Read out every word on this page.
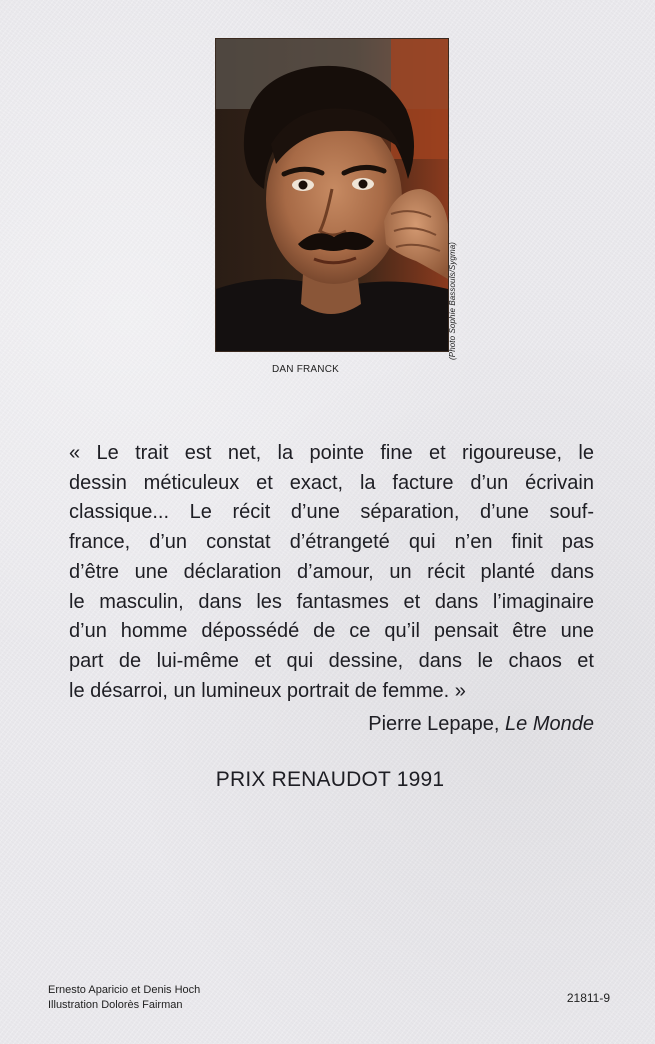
(Photo Sophie Bassouls/Sygma)
DAN FRANCK

« Le trait est net, la pointe fine et rigoureuse, le
dessin méticuleux et exact, la facture d’un écrivain
classique... Le récit d’une séparation, d’une souf-
france, d’un constat d’étrangeté qui n’en finit pas
d’être une déclaration d’amour, un récit planté dans
le masculin, dans les fantasmes et dans l’imaginaire
d’un homme dépossédé de ce qu’il pensait être une
part de lui-même et qui dessine, dans le chaos et
le désarroi, un lumineux portrait de femme. »

Pierre Lepape, Le Monde
PRIX RENAUDOT 1991
Ernesto Aparicio et Denis Hoch
Illustration Dolorès Fairman	21811-9
